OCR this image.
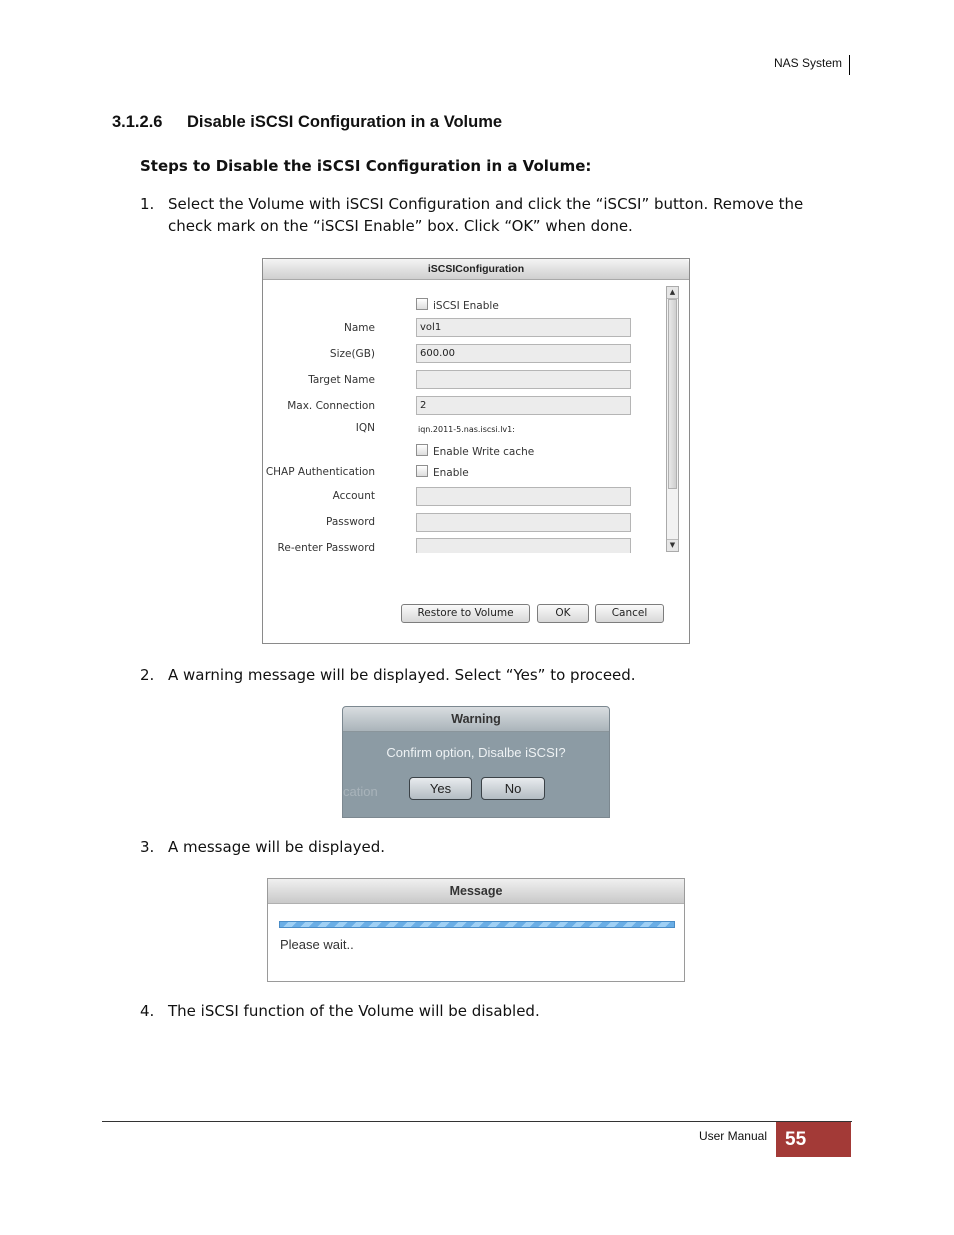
NAS System
3.1.2.6 Disable iSCSI Configuration in a Volume
Steps to Disable the iSCSI Configuration in a Volume:
1. Select the Volume with iSCSI Configuration and click the “iSCSI” button. Remove the check mark on the “iSCSI Enable” box. Click “OK” when done.
iSCSIConfiguration
iSCSI Enable
Name	vol1
Size(GB)	600.00
Target Name
Max. Connection	2
IQN	iqn.2011-5.nas.iscsi.lv1:
Enable Write cache
CHAP Authentication	Enable
Account
Password
Re-enter Password
▲
▼
Restore to Volume	OK	Cancel
2. A warning message will be displayed. Select “Yes” to proceed.
Warning
Confirm option, Disalbe iSCSI?
cation	Yes	No
3. A message will be displayed.
Message
Please wait..
4. The iSCSI function of the Volume will be disabled.
User Manual 55
